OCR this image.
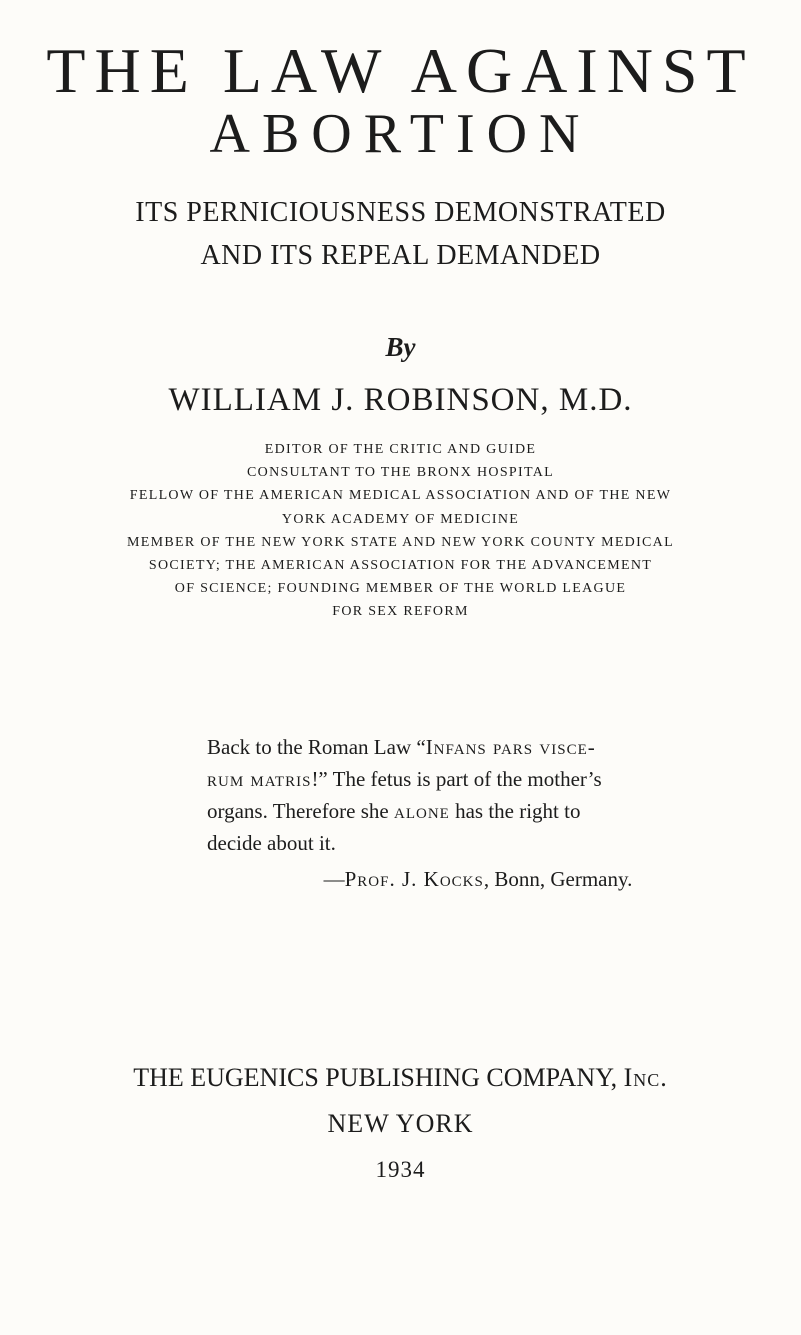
THE LAW AGAINST
ABORTION
ITS PERNICIOUSNESS DEMONSTRATED
AND ITS REPEAL DEMANDED
By
WILLIAM J. ROBINSON, M.D.
EDITOR OF THE CRITIC AND GUIDE
CONSULTANT TO THE BRONX HOSPITAL
FELLOW OF THE AMERICAN MEDICAL ASSOCIATION AND OF THE NEW
YORK ACADEMY OF MEDICINE
MEMBER OF THE NEW YORK STATE AND NEW YORK COUNTY MEDICAL
SOCIETY; THE AMERICAN ASSOCIATION FOR THE ADVANCEMENT
OF SCIENCE; FOUNDING MEMBER OF THE WORLD LEAGUE
FOR SEX REFORM
Back to the Roman Law “Infans pars visce-
rum matris!” The fetus is part of the mother’s
organs. Therefore she alone has the right to
decide about it.
—Prof. J. Kocks, Bonn, Germany.
THE EUGENICS PUBLISHING COMPANY, Inc.
NEW YORK
1934
